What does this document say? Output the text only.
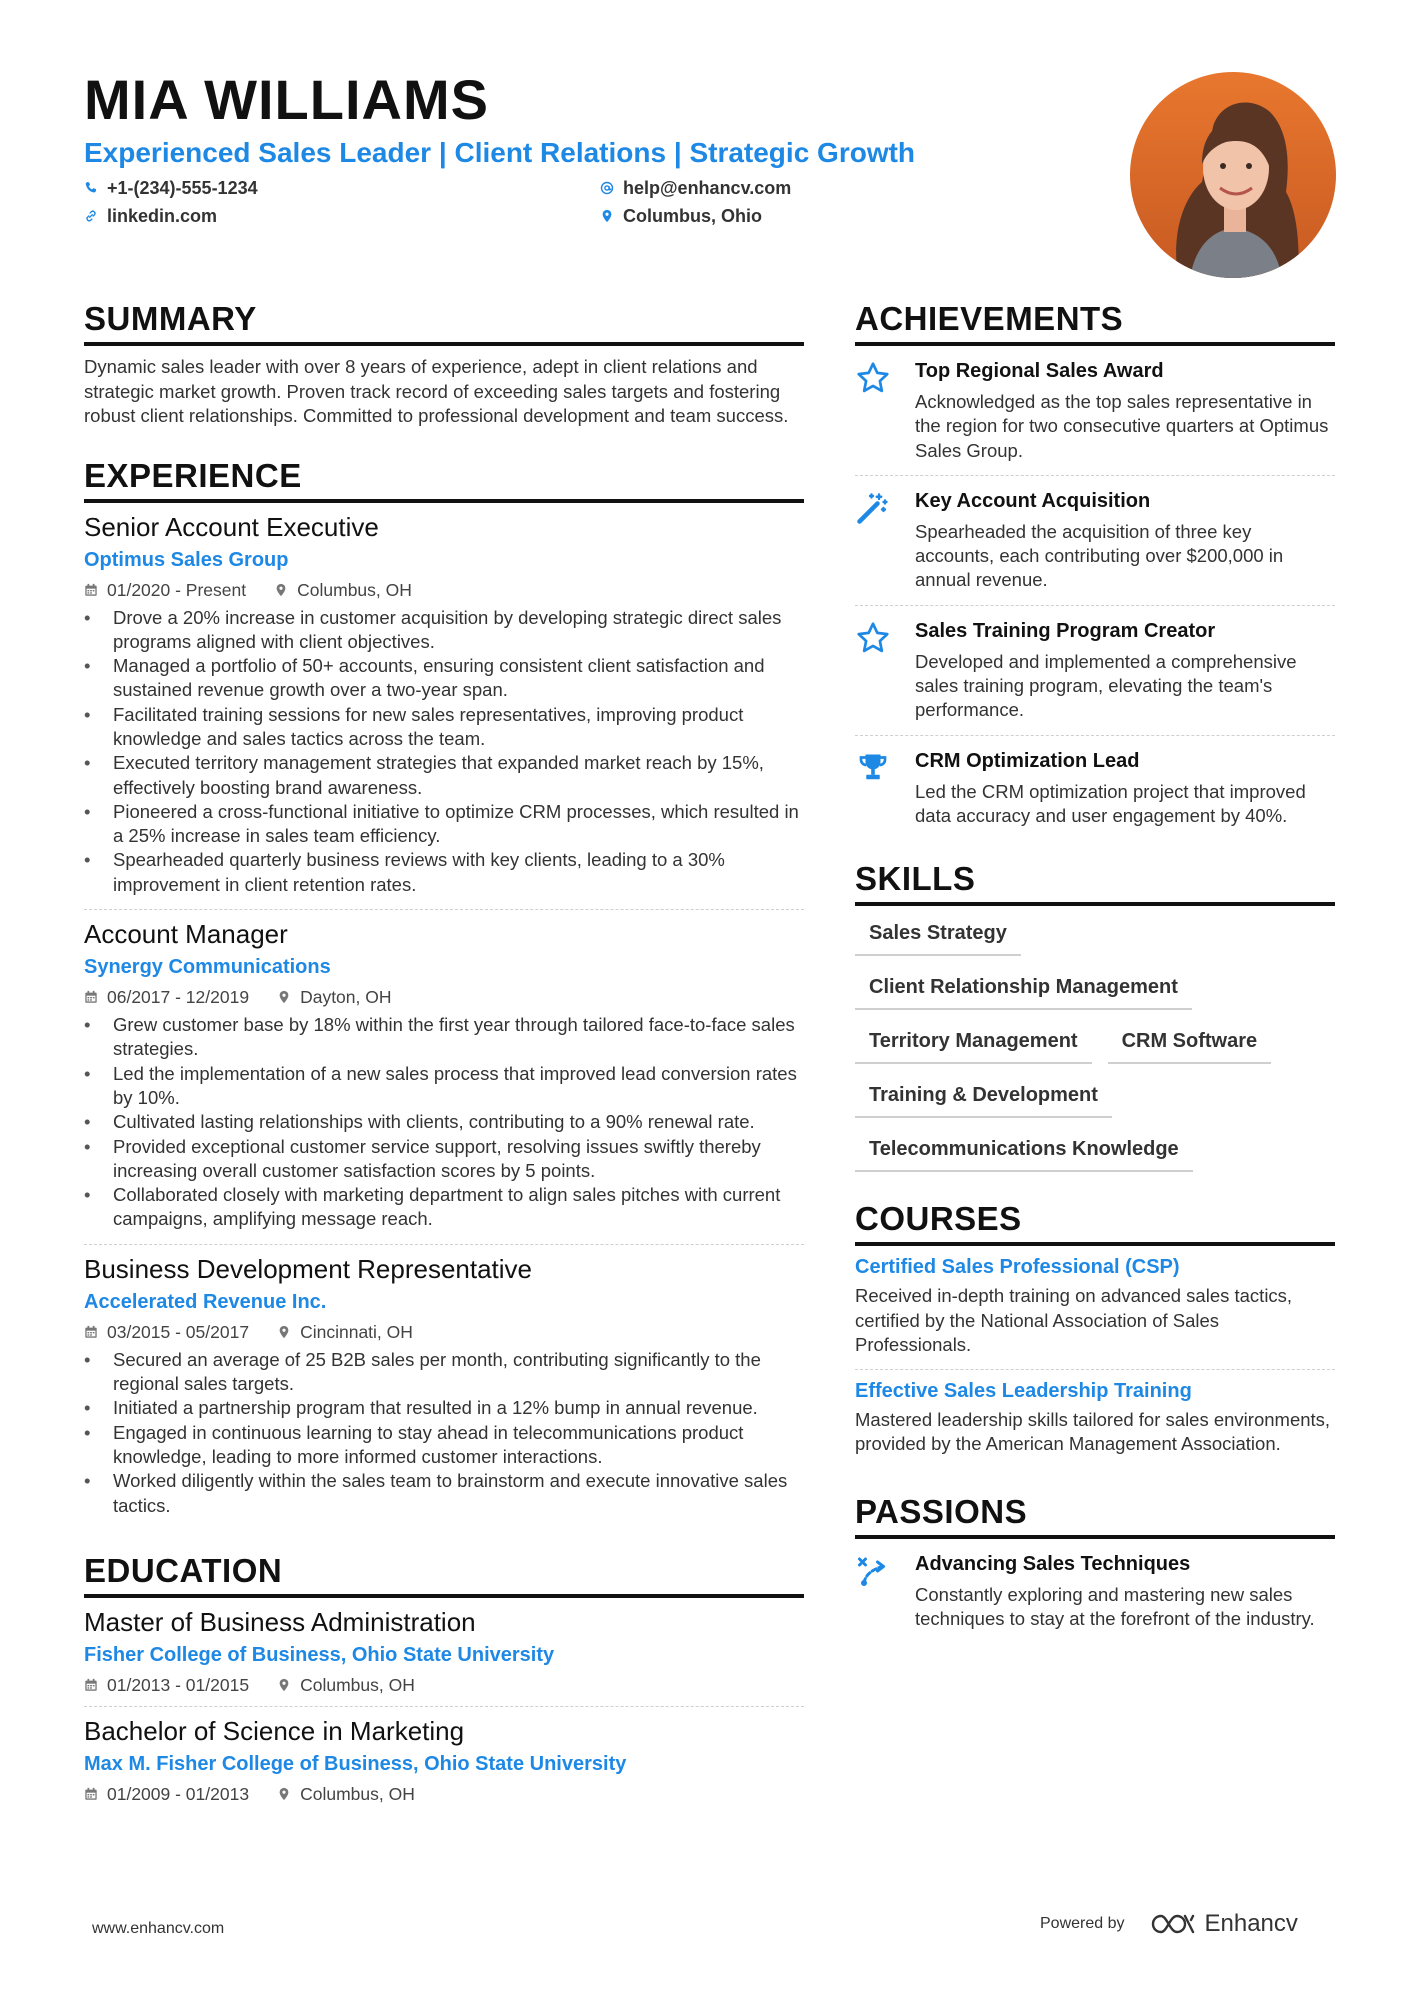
MIA WILLIAMS
Experienced Sales Leader | Client Relations | Strategic Growth
+1-(234)-555-1234	help@enhancv.com
linkedin.com	Columbus, Ohio
SUMMARY

Dynamic sales leader with over 8 years of experience, adept in client relations and strategic market growth. Proven track record of exceeding sales targets and fostering robust client relationships. Committed to professional development and team success.

EXPERIENCE
Senior Account Executive
Optimus Sales Group
01/2020 - Present	Columbus, OH
• Drove a 20% increase in customer acquisition by developing strategic direct sales programs aligned with client objectives.
• Managed a portfolio of 50+ accounts, ensuring consistent client satisfaction and sustained revenue growth over a two-year span.
• Facilitated training sessions for new sales representatives, improving product knowledge and sales tactics across the team.
• Executed territory management strategies that expanded market reach by 15%, effectively boosting brand awareness.
• Pioneered a cross-functional initiative to optimize CRM processes, which resulted in a 25% increase in sales team efficiency.
• Spearheaded quarterly business reviews with key clients, leading to a 30% improvement in client retention rates.
Account Manager
Synergy Communications
06/2017 - 12/2019	Dayton, OH
• Grew customer base by 18% within the first year through tailored face-to-face sales strategies.
• Led the implementation of a new sales process that improved lead conversion rates by 10%.
• Cultivated lasting relationships with clients, contributing to a 90% renewal rate.
• Provided exceptional customer service support, resolving issues swiftly thereby increasing overall customer satisfaction scores by 5 points.
• Collaborated closely with marketing department to align sales pitches with current campaigns, amplifying message reach.
Business Development Representative
Accelerated Revenue Inc.
03/2015 - 05/2017	Cincinnati, OH
• Secured an average of 25 B2B sales per month, contributing significantly to the regional sales targets.
• Initiated a partnership program that resulted in a 12% bump in annual revenue.
• Engaged in continuous learning to stay ahead in telecommunications product knowledge, leading to more informed customer interactions.
• Worked diligently within the sales team to brainstorm and execute innovative sales tactics.
EDUCATION
Master of Business Administration
Fisher College of Business, Ohio State University
01/2013 - 01/2015	Columbus, OH
Bachelor of Science in Marketing
Max M. Fisher College of Business, Ohio State University
01/2009 - 01/2013	Columbus, OH
ACHIEVEMENTS
Top Regional Sales Award
Acknowledged as the top sales representative in the region for two consecutive quarters at Optimus Sales Group.
Key Account Acquisition
Spearheaded the acquisition of three key accounts, each contributing over $200,000 in annual revenue.
Sales Training Program Creator
Developed and implemented a comprehensive sales training program, elevating the team's performance.
CRM Optimization Lead
Led the CRM optimization project that improved data accuracy and user engagement by 40%.
SKILLS
Sales Strategy
Client Relationship Management
Territory Management	CRM Software
Training & Development
Telecommunications Knowledge
COURSES
Certified Sales Professional (CSP)
Received in-depth training on advanced sales tactics, certified by the National Association of Sales Professionals.
Effective Sales Leadership Training
Mastered leadership skills tailored for sales environments, provided by the American Management Association.
PASSIONS
Advancing Sales Techniques
Constantly exploring and mastering new sales techniques to stay at the forefront of the industry.
www.enhancv.com	Powered by	Enhancv
